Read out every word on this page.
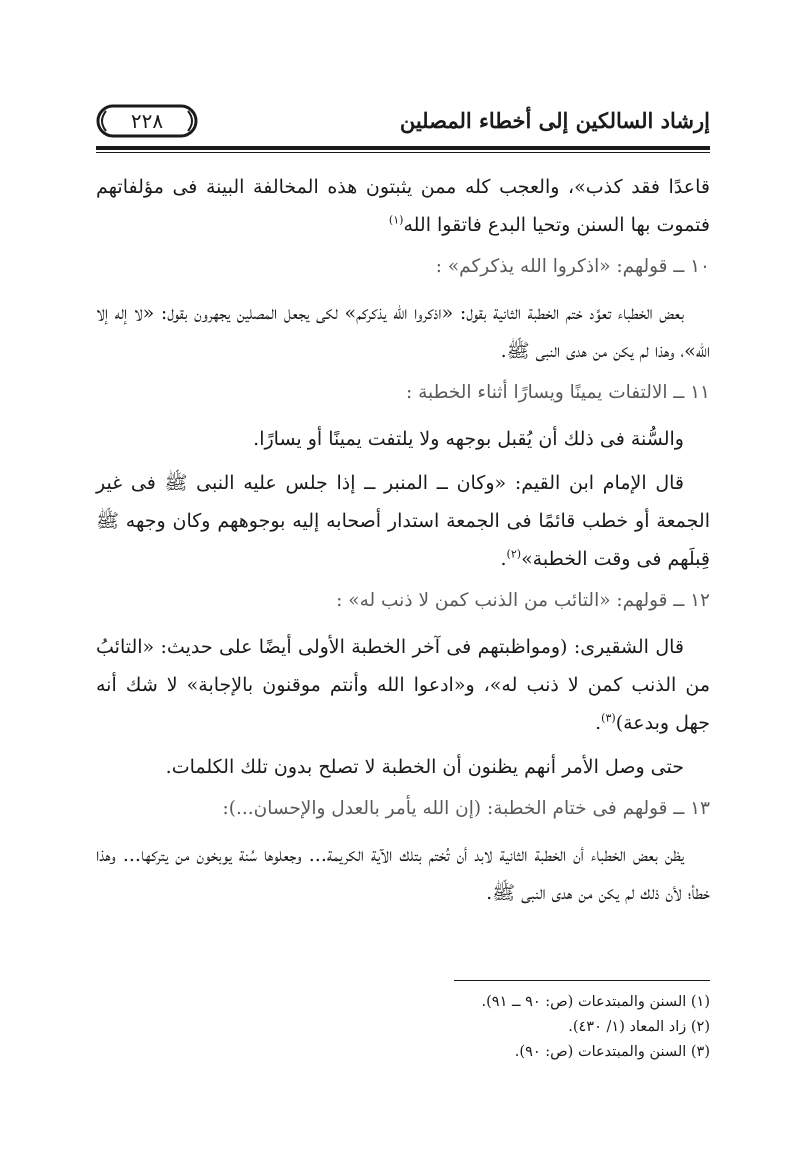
إرشاد السالكين إلى أخطاء المصلين
٢٢٨

قاعدًا فقد كذب»، والعجب كله ممن يثبتون هذه المخالفة البينة فى مؤلفاتهم فتموت بها السنن وتحيا البدع فاتقوا الله$^{(١)}$

١٠ ــ قولهم: «اذكروا الله يذكركم» :

بعض الخطباء تعوَّد ختم الخطبة الثانية بقول: «اذكروا الله يذكركم» لكى يجعل المصلين يجهرون بقول: «لا إله إلا الله»، وهذا لم يكن من هدى النبى ﷺ.

١١ ــ الالتفات يمينًا ويسارًا أثناء الخطبة :

والسُّنة فى ذلك أن يُقبل بوجهه ولا يلتفت يمينًا أو يسارًا.

قال الإمام ابن القيم: «وكان ــ المنبر ــ إذا جلس عليه النبى ﷺ فى غير الجمعة أو خطب قائمًا فى الجمعة استدار أصحابه إليه بوجوههم وكان وجهه ﷺ قِبلَهم فى وقت الخطبة»$^{(٢)}$.

١٢ ــ قولهم: «التائب من الذنب كمن لا ذنب له» :

قال الشقيرى: (ومواظبتهم فى آخر الخطبة الأولى أيضًا على حديث: «التائبُ من الذنب كمن لا ذنب له»، و«ادعوا الله وأنتم موقنون بالإجابة» لا شك أنه جهل وبدعة)$^{(٣)}$.

حتى وصل الأمر أنهم يظنون أن الخطبة لا تصلح بدون تلك الكلمات.

١٣ ــ قولهم فى ختام الخطبة: (إن الله يأمر بالعدل والإحسان...):

يظن بعض الخطباء أن الخطبة الثانية لابد أن تُختم بتلك الآية الكريمة... وجعلوها سُنة يوبخون من يتركها... وهذا خطأ؛ لأن ذلك لم يكن من هدى النبى ﷺ.

(١) السنن والمبتدعات (ص: ٩٠ ــ ٩١).

(٢) زاد المعاد (١/ ٤٣٠).

(٣) السنن والمبتدعات (ص: ٩٠).
